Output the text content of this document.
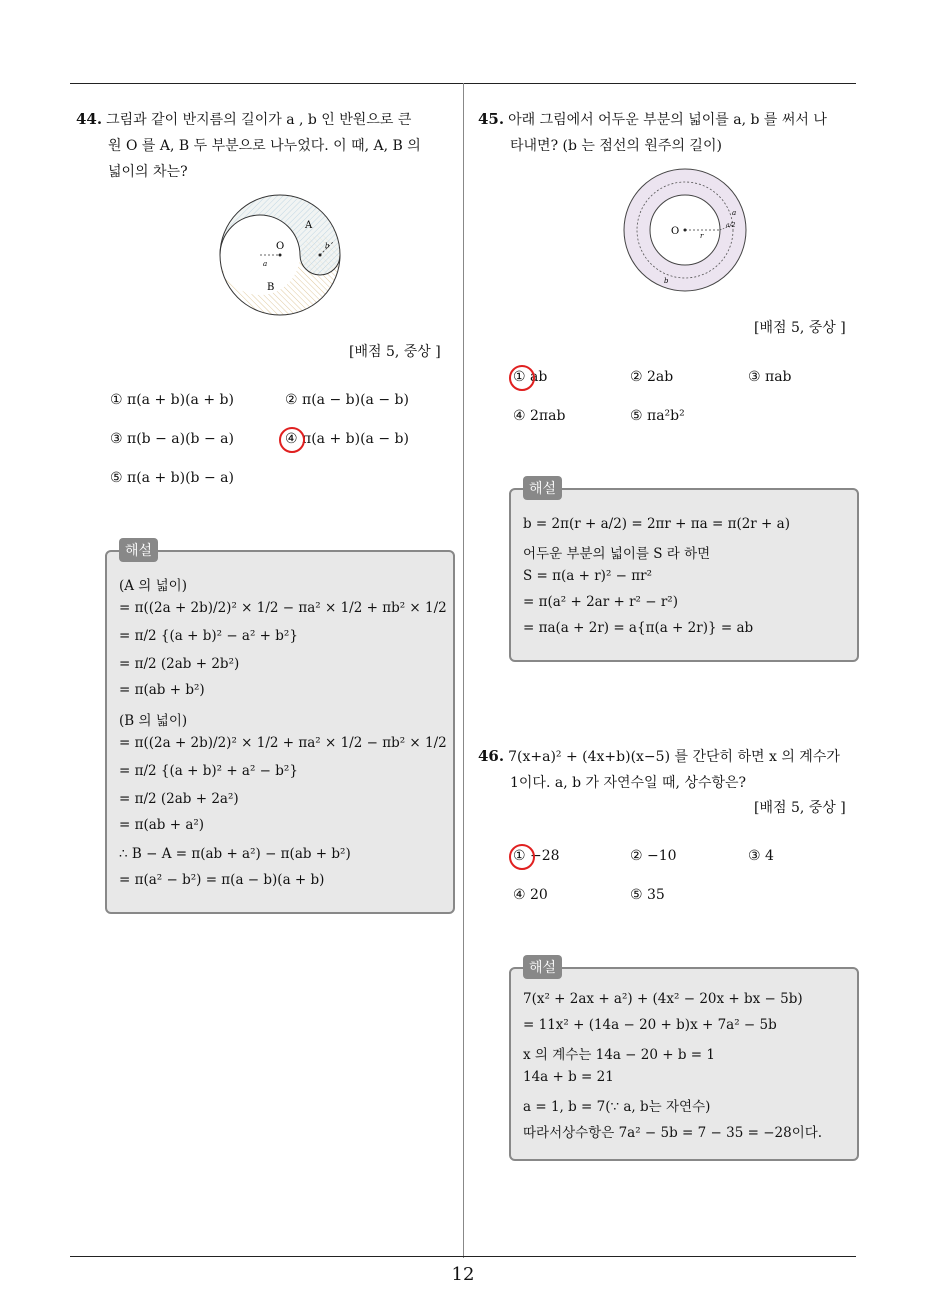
44. 그림과 같이 반지름의 길이가 a , b 인 반원으로 큰
원 O 를 A, B 두 부분으로 나누었다. 이 때, A, B 의
넓이의 차는?
A
B
O
a
b
[배점 5, 중상 ]
① π(a + b)(a + b)	② π(a − b)(a − b)
③ π(b − a)(b − a)	④ π(a + b)(a − b)
⑤ π(a + b)(b − a)
해설
(A 의 넓이)
= π((2a + 2b)/2)² × 1/2 − πa² × 1/2 + πb² × 1/2
= π/2 {(a + b)² − a² + b²}
= π/2 (2ab + 2b²)
= π(ab + b²)
(B 의 넓이)
= π((2a + 2b)/2)² × 1/2 + πa² × 1/2 − πb² × 1/2
= π/2 {(a + b)² + a² − b²}
= π/2 (2ab + 2a²)
= π(ab + a²)
∴ B − A = π(ab + a²) − π(ab + b²)
= π(a² − b²) = π(a − b)(a + b)
45. 아래 그림에서 어두운 부분의 넓이를 a, b 를 써서 나
타내면? (b 는 점선의 원주의 길이)
O	r
a
a/2
b
[배점 5, 중상 ]
① ab	② 2ab	③ πab
④ 2πab	⑤ πa²b²
해설
b = 2π(r + a/2) = 2πr + πa = π(2r + a)
어두운 부분의 넓이를 S 라 하면
S = π(a + r)² − πr²
= π(a² + 2ar + r² − r²)
= πa(a + 2r) = a{π(a + 2r)} = ab
46. 7(x+a)² + (4x+b)(x−5) 를 간단히 하면 x 의 계수가
1이다. a, b 가 자연수일 때, 상수항은?
[배점 5, 중상 ]
① −28	② −10	③ 4
④ 20	⑤ 35
해설
7(x² + 2ax + a²) + (4x² − 20x + bx − 5b)
= 11x² + (14a − 20 + b)x + 7a² − 5b
x 의 계수는 14a − 20 + b = 1
14a + b = 21
a = 1, b = 7(∵ a, b는 자연수)
따라서상수항은 7a² − 5b = 7 − 35 = −28이다.
12
